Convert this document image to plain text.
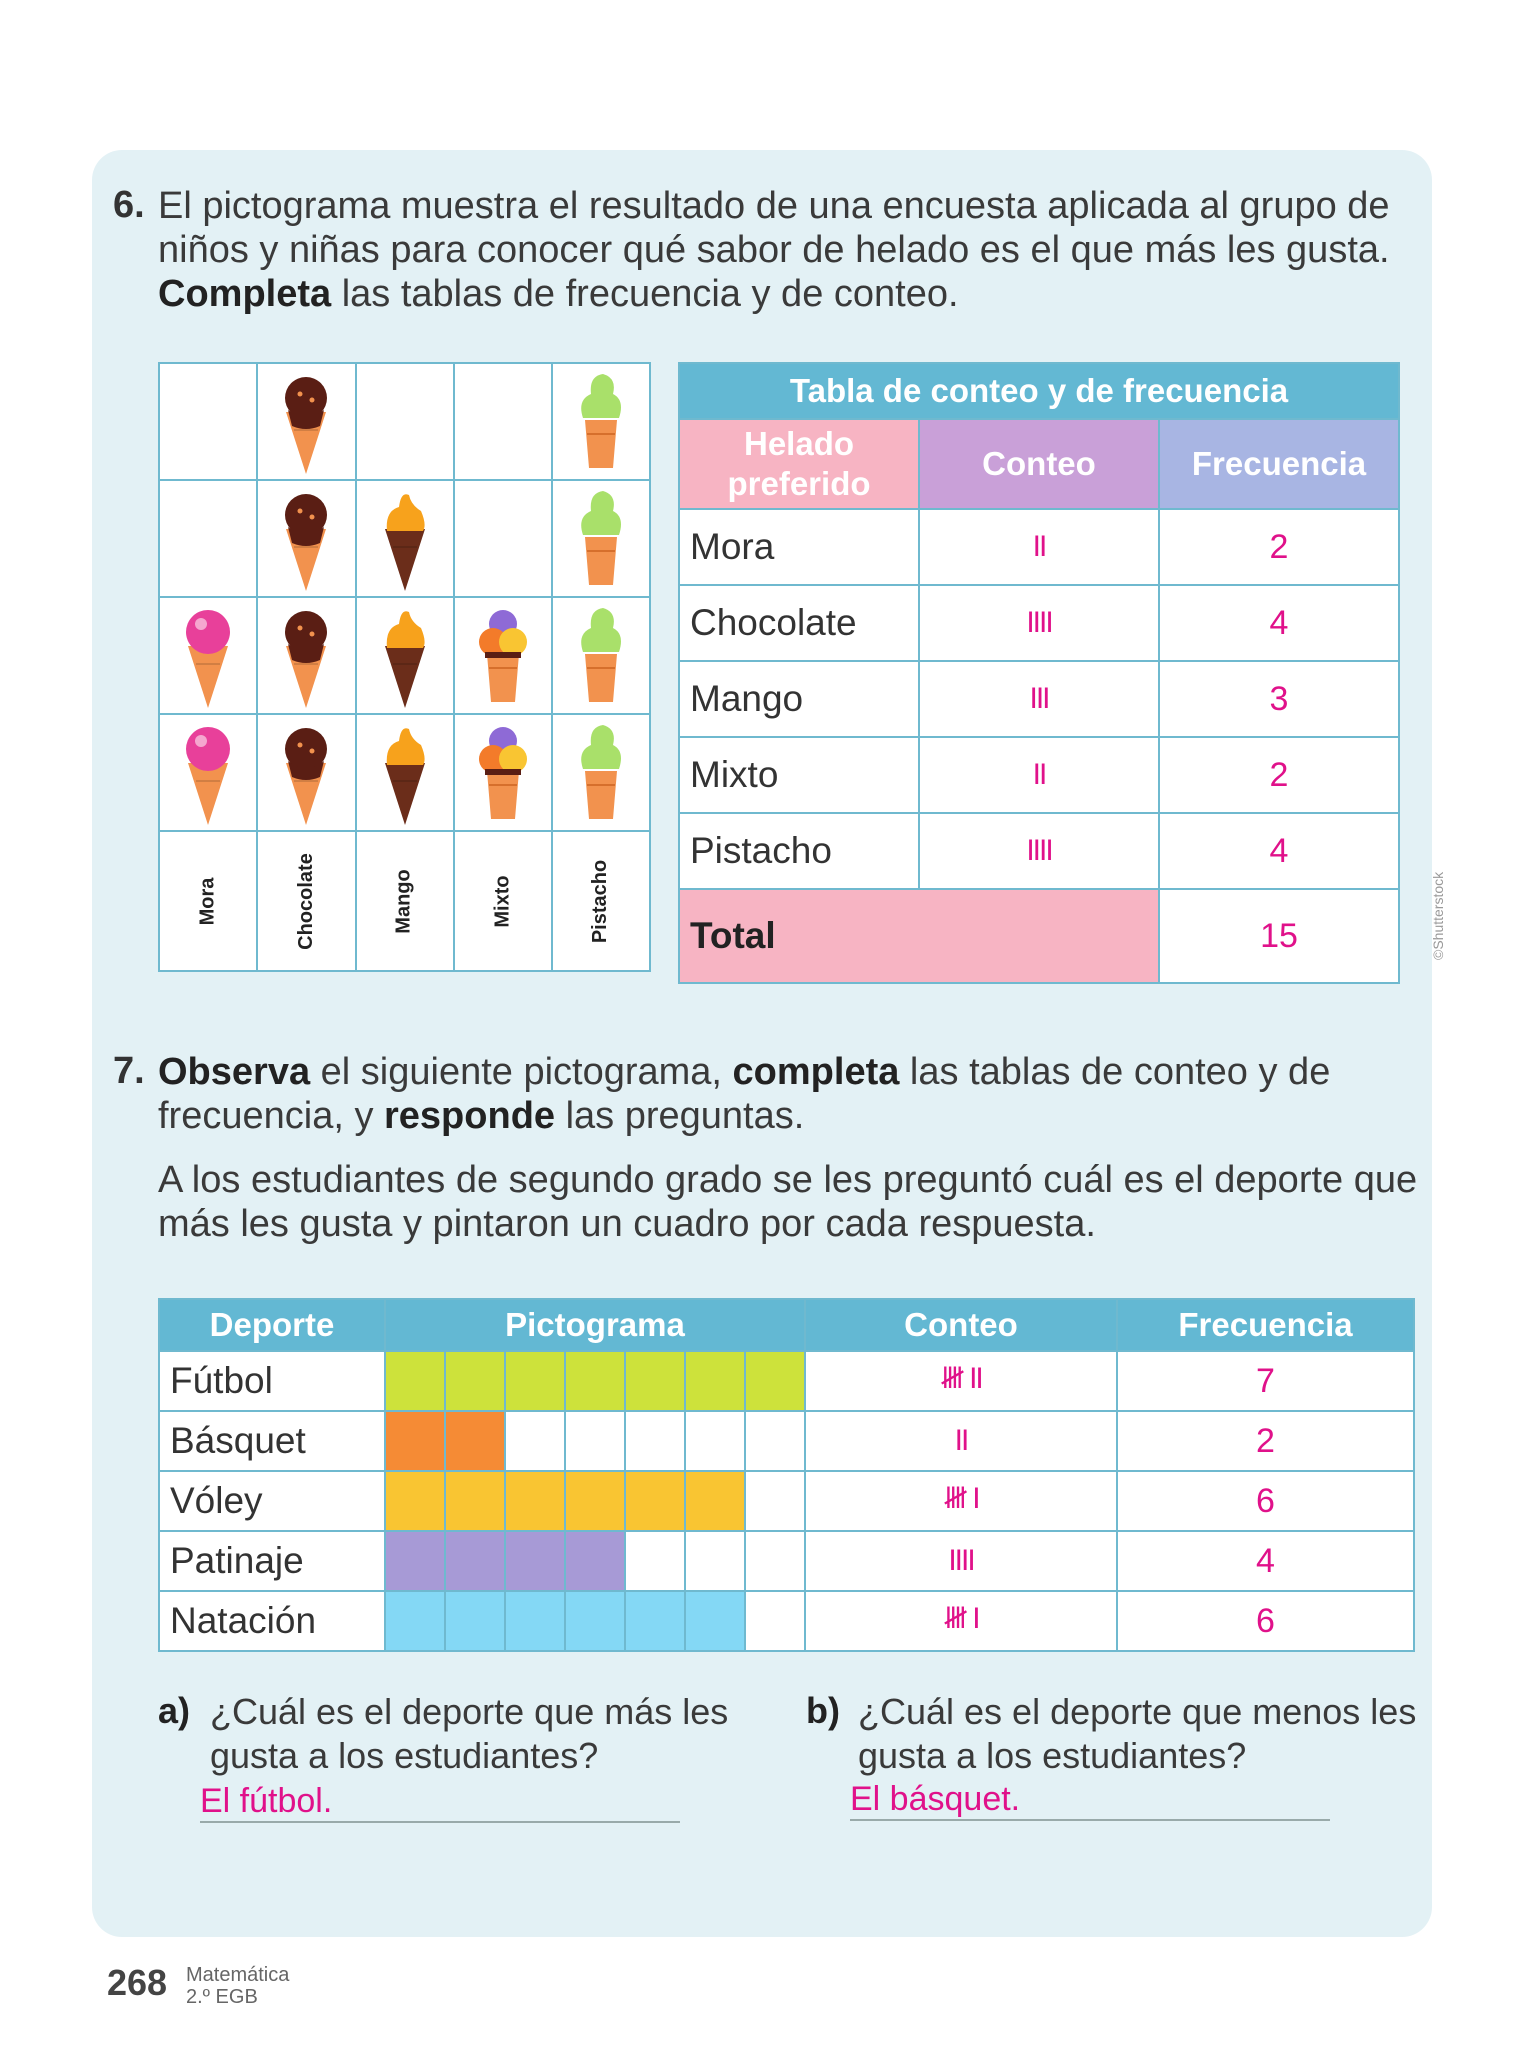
6. El pictograma muestra el resultado de una encuesta aplicada al grupo de niños y niñas para conocer qué sabor de helado es el que más les gusta. Completa las tablas de frecuencia y de conteo.

Mora	Chocolate	Mango	Mixto	Pistacho
Tabla de conteo y de frecuencia		
Helado
preferido	Conteo	Frecuencia
Mora	II	2
Chocolate	IIII	4
Mango	III	3
Mixto	II	2
Pistacho	IIII	4
Total		15	©Shutterstock
7. Observa el siguiente pictograma, completa las tablas de conteo y de frecuencia, y responde las preguntas.
A los estudiantes de segundo grado se les preguntó cuál es el deporte que más les gusta y pintaron un cuadro por cada respuesta.
Deporte	Pictograma							Conteo	Frecuencia
Fútbol								𝍸 II	7
Básquet								II	2
Vóley								𝍸 I	6
Patinaje								IIII	4
Natación								𝍸 I	6
a) ¿Cuál es el deporte que más les gusta a los estudiantes?
El fútbol.
b) ¿Cuál es el deporte que menos les gusta a los estudiantes?
El básquet.
268 Matemática
2.º EGB
